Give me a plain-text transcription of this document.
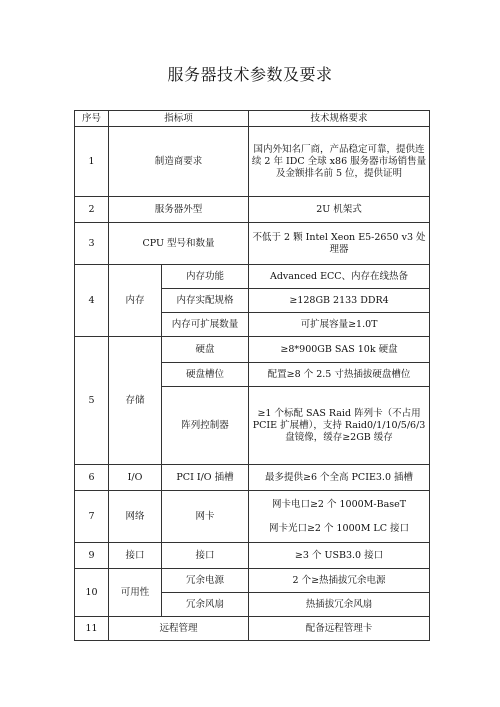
服务器技术参数及要求
序号	指标项		技术规格要求
1	制造商要求		国内外知名厂商，产品稳定可靠，提供连续 2 年 IDC 全球 x86 服务器市场销售量及金额排名前 5 位，提供证明
2	服务器外型		2U 机架式
3	CPU 型号和数量		不低于 2 颗 Intel Xeon E5-2650 v3 处理器
4	内存	内存功能	Advanced ECC、内存在线热备
		内存实配规格	≥128GB 2133 DDR4
		内存可扩展数量	可扩展容量≥1.0T
5	存储	硬盘	≥8*900GB SAS 10k 硬盘
		硬盘槽位	配置≥8 个 2.5 寸热插拔硬盘槽位
		阵列控制器	≥1 个标配 SAS Raid 阵列卡（不占用 PCIE 扩展槽），支持 Raid0/1/10/5/6/3 盘镜像，缓存≥2GB 缓存
6	I/O	PCI I/O 插槽	最多提供≥6 个全高 PCIE3.0 插槽
7	网络	网卡	网卡电口≥2 个 1000M-BaseT
网卡光口≥2 个 1000M LC 接口

9	接口	接口	≥3 个 USB3.0 接口
10	可用性	冗余电源	2 个≥热插拔冗余电源
		冗余风扇	热插拔冗余风扇
11	远程管理		配备远程管理卡
